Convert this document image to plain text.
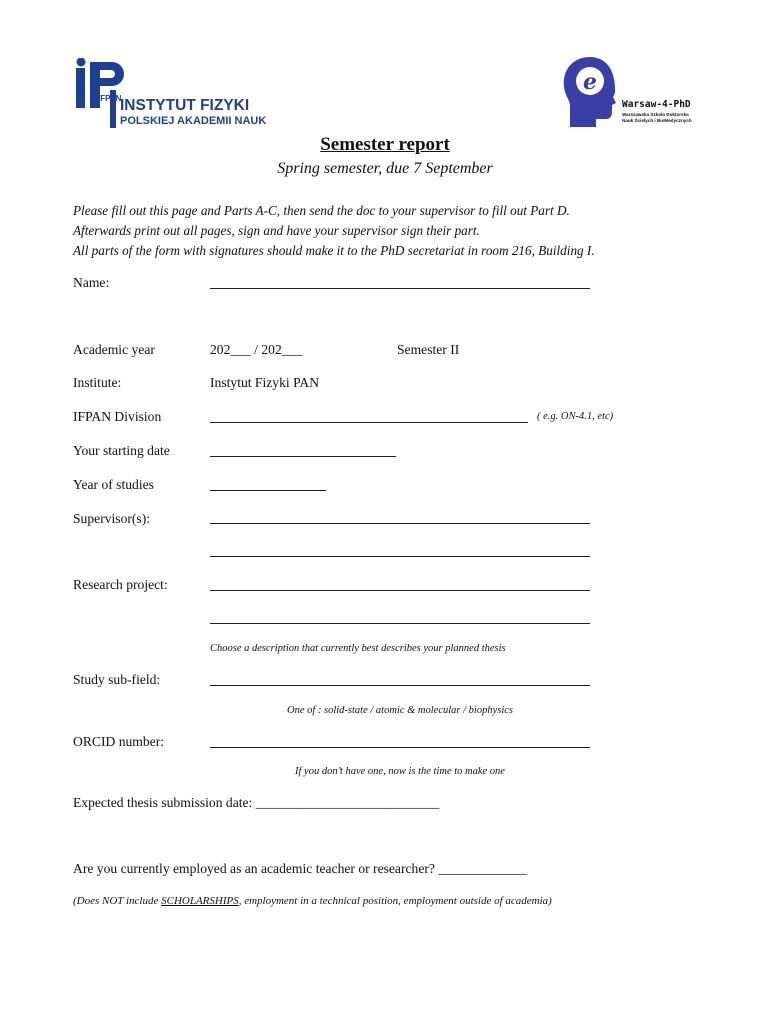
IFPAN
INSTYTUT FIZYKI
POLSKIEJ AKADEMII NAUK
e
Warsaw-4-PhD
Warszawska Szkoła Doktorska
Nauk Ścisłych i BioMedycznych
Semester report
Spring semester, due 7 September
Please fill out this page and Parts A-C, then send the doc to your supervisor to fill out Part D.
Afterwards print out all pages, sign and have your supervisor sign their part.
All parts of the form with signatures should make it to the PhD secretariat in room 216, Building I.
Name:
Academic year	202___ / 202___	Semester II
Institute:	Instytut Fizyki PAN
IFPAN Division	( e.g. ON-4.1, etc)
Your starting date
Year of studies
Supervisor(s):
Research project:
Choose a description that currently best describes your planned thesis
Study sub-field:
One of : solid-state / atomic & molecular / biophysics
ORCID number:
If you don’t have one, now is the time to make one
Expected thesis submission date: ___________________________
Are you currently employed as an academic teacher or researcher? _____________
(Does NOT include SCHOLARSHIPS, employment in a technical position, employment outside of academia)
